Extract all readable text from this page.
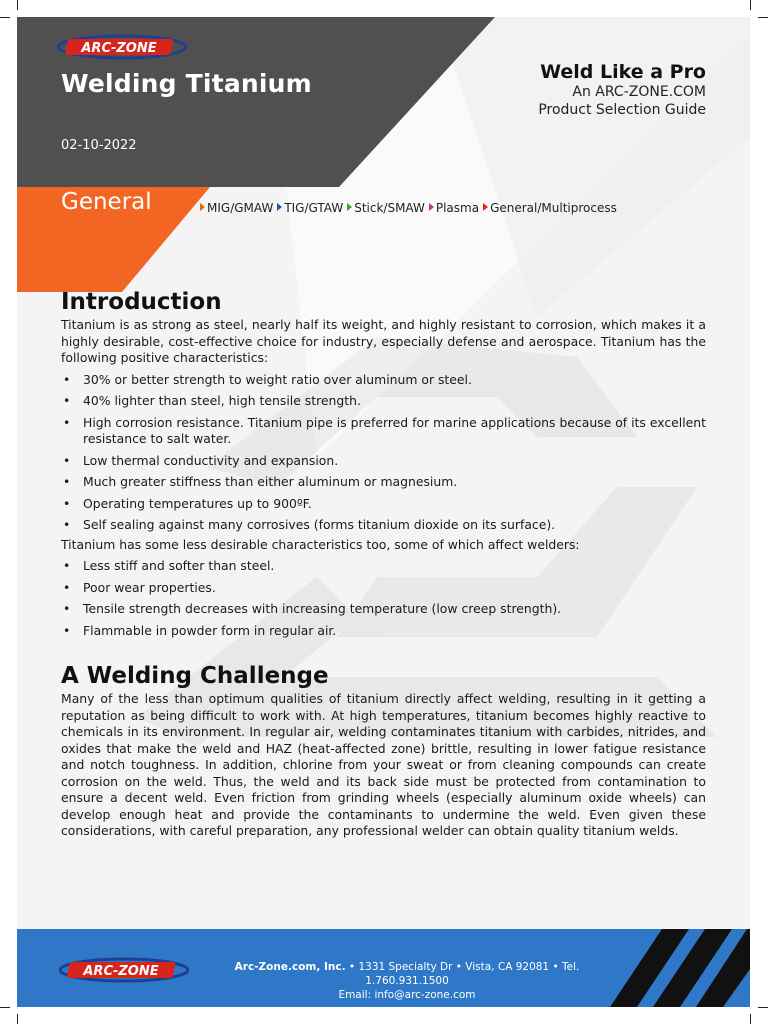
ARC-ZONE
Welding Titanium
02-10-2022
General
Weld Like a Pro
An ARC-ZONE.COM
Product Selection Guide
MIG/GMAW TIG/GTAW Stick/SMAW Plasma General/Multiprocess
Introduction

Titanium is as strong as steel, nearly half its weight, and highly resistant to corrosion, which makes it a highly desirable, cost-effective choice for industry, especially defense and aerospace. Titanium has the following positive characteristics:

• 30% or better strength to weight ratio over aluminum or steel.
• 40% lighter than steel, high tensile strength.
• High corrosion resistance. Titanium pipe is preferred for marine applications because of its excellent resistance to salt water.
• Low thermal conductivity and expansion.
• Much greater stiffness than either aluminum or magnesium.
• Operating temperatures up to 900ºF.
• Self sealing against many corrosives (forms titanium dioxide on its surface).

Titanium has some less desirable characteristics too, some of which affect welders:

• Less stiff and softer than steel.
• Poor wear properties.
• Tensile strength decreases with increasing temperature (low creep strength).
• Flammable in powder form in regular air.
A Welding Challenge

Many of the less than optimum qualities of titanium directly affect welding, resulting in it getting a reputation as being difficult to work with. At high temperatures, titanium becomes highly reactive to chemicals in its environment. In regular air, welding contaminates titanium with carbides, nitrides, and oxides that make the weld and HAZ (heat-affected zone) brittle, resulting in lower fatigue resistance and notch toughness. In addition, chlorine from your sweat or from cleaning compounds can create corrosion on the weld. Thus, the weld and its back side must be protected from contamination to ensure a decent weld. Even friction from grinding wheels (especially aluminum oxide wheels) can develop enough heat and provide the contaminants to undermine the weld. Even given these considerations, with careful preparation, any professional welder can obtain quality titanium welds.

ARC-ZONE	Arc-Zone.com, Inc. • 1331 Specialty Dr • Vista, CA 92081 • Tel. 1.760.931.1500
Email: info@arc-zone.com
